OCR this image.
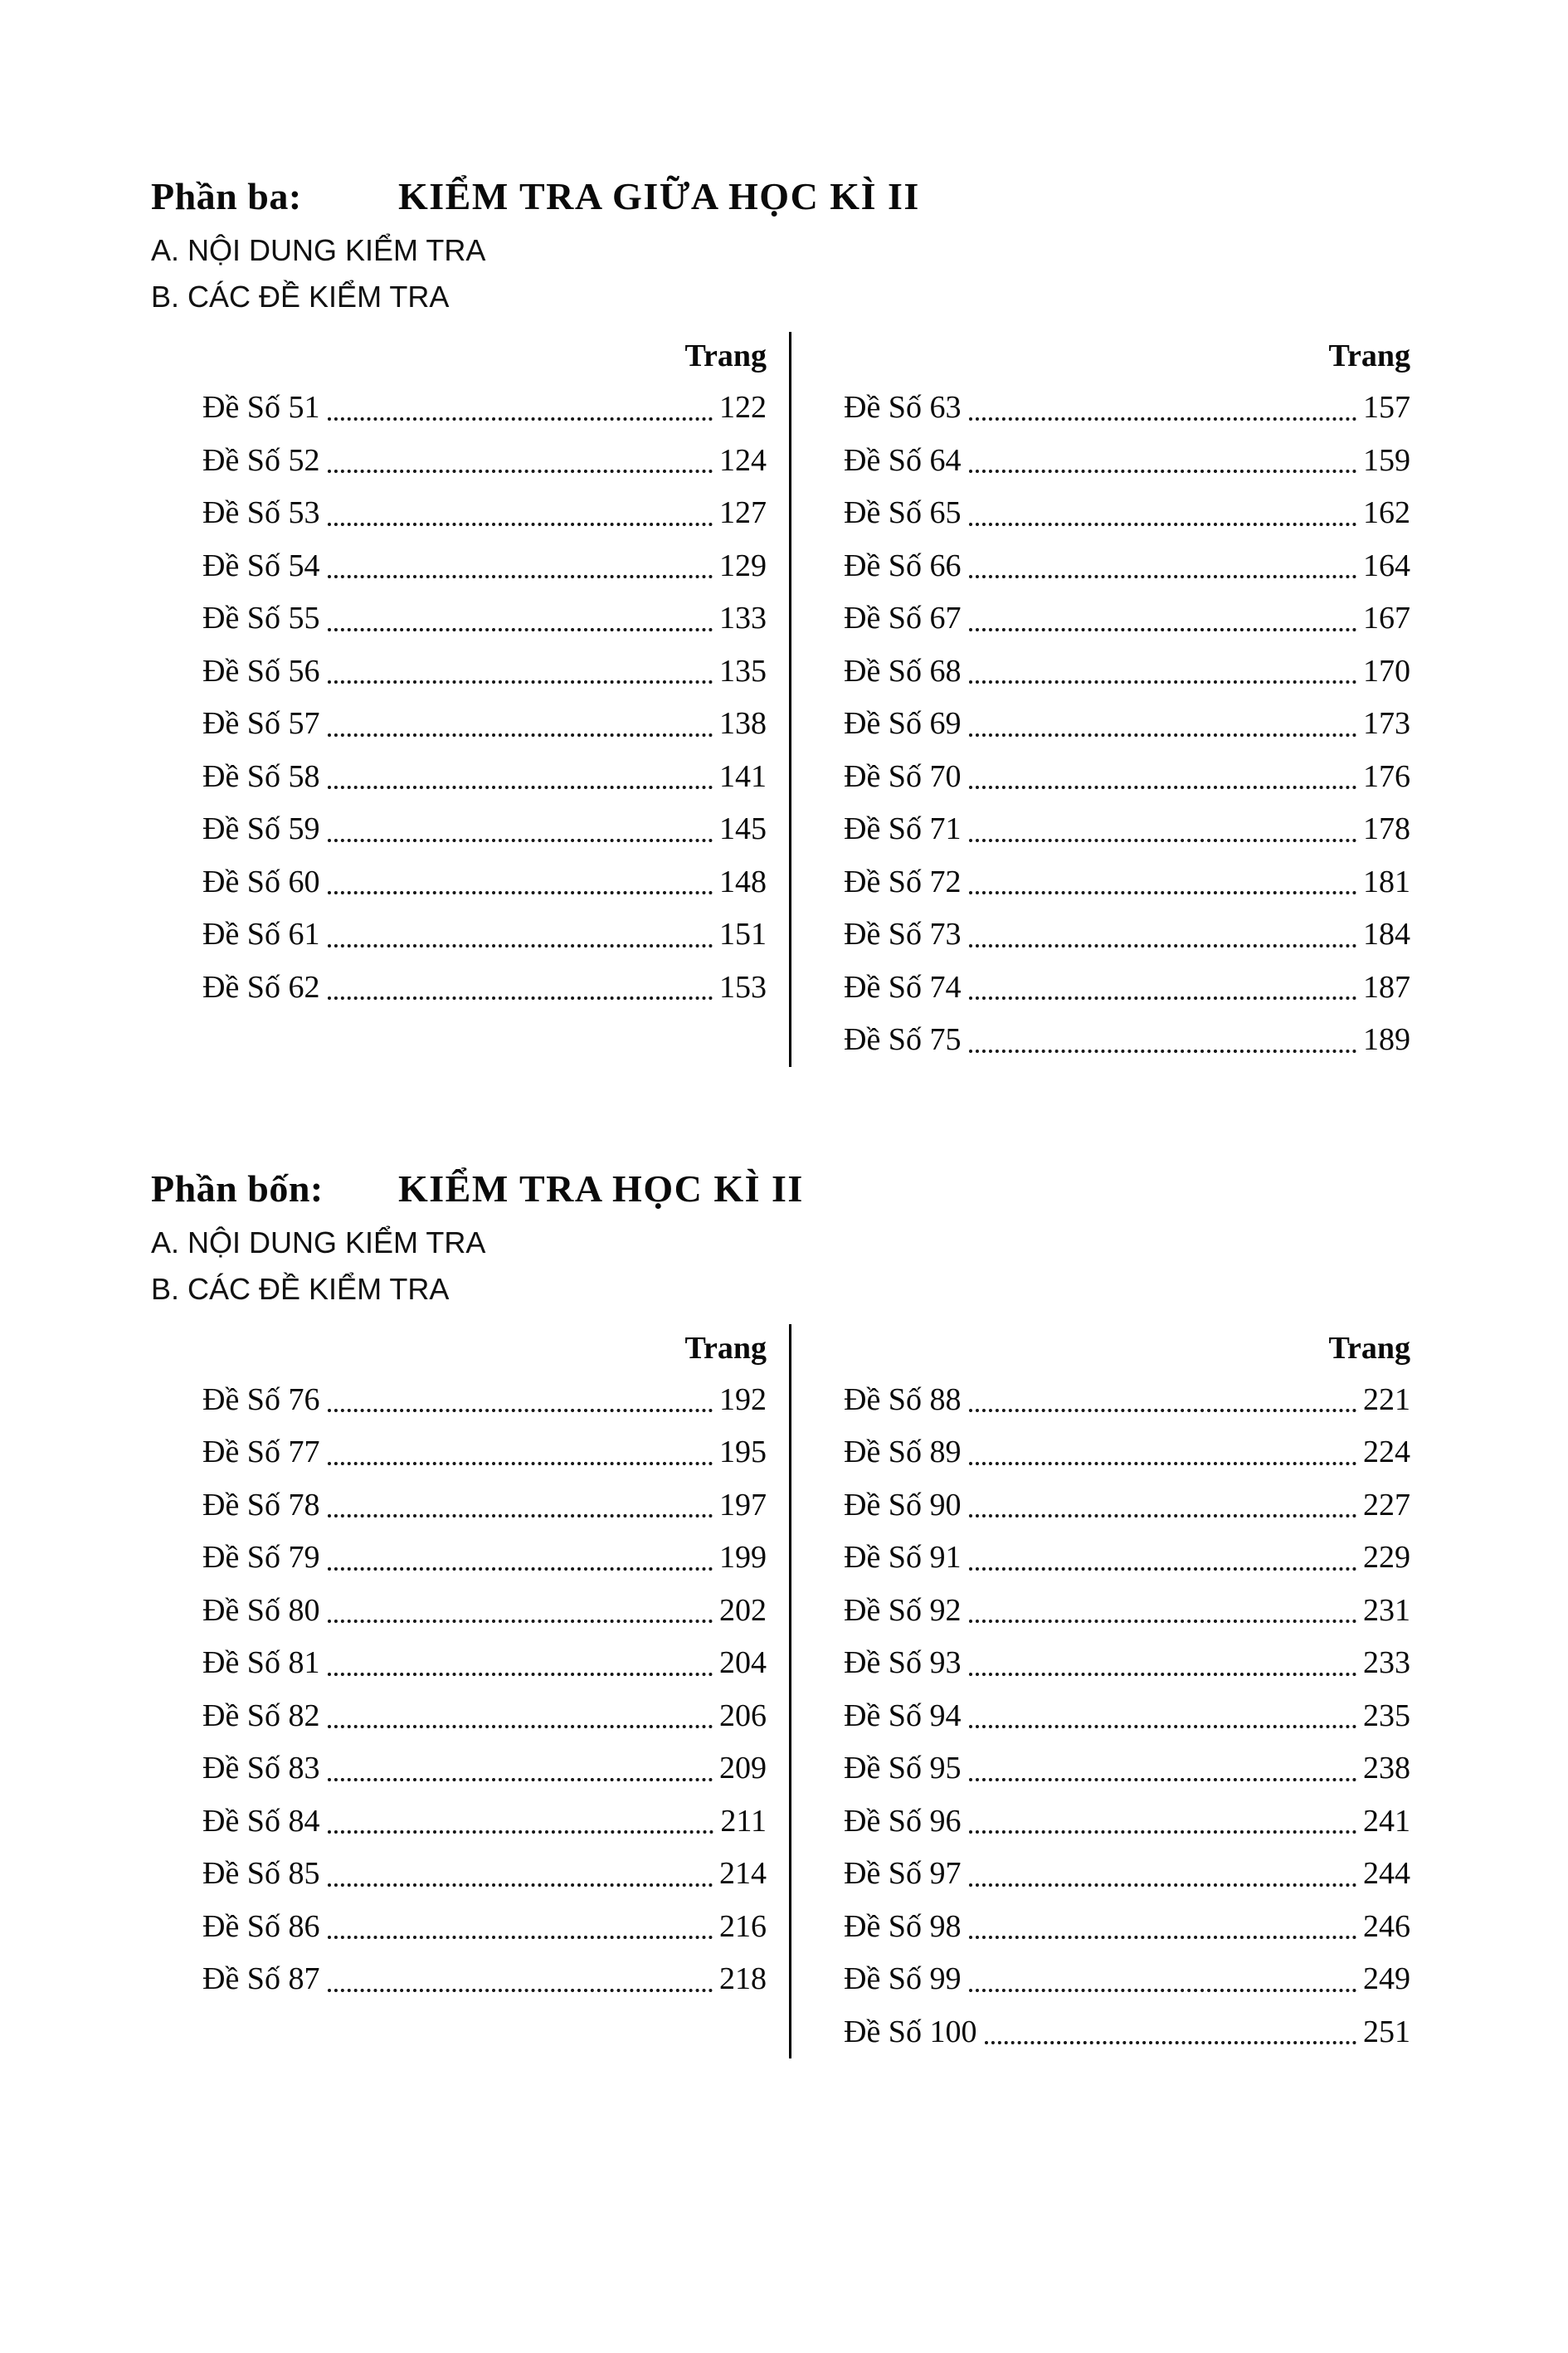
Phần ba:	KIỂM TRA GIỮA HỌC KÌ II
A. NỘI DUNG KIỂM TRA
B. CÁC ĐỀ KIỂM TRA
Trang
Đề Số 51	122
Đề Số 52	124
Đề Số 53	127
Đề Số 54	129
Đề Số 55	133
Đề Số 56	135
Đề Số 57	138
Đề Số 58	141
Đề Số 59	145
Đề Số 60	148
Đề Số 61	151
Đề Số 62	153
Trang
Đề Số 63	157
Đề Số 64	159
Đề Số 65	162
Đề Số 66	164
Đề Số 67	167
Đề Số 68	170
Đề Số 69	173
Đề Số 70	176
Đề Số 71	178
Đề Số 72	181
Đề Số 73	184
Đề Số 74	187
Đề Số 75	189
Phần bốn: KIỂM TRA HỌC KÌ II
A. NỘI DUNG KIỂM TRA
B. CÁC ĐỀ KIỂM TRA
Trang
Đề Số 76	192
Đề Số 77	195
Đề Số 78	197
Đề Số 79	199
Đề Số 80	202
Đề Số 81	204
Đề Số 82	206
Đề Số 83	209
Đề Số 84	211
Đề Số 85	214
Đề Số 86	216
Đề Số 87	218
Trang
Đề Số 88	221
Đề Số 89	224
Đề Số 90	227
Đề Số 91	229
Đề Số 92	231
Đề Số 93	233
Đề Số 94	235
Đề Số 95	238
Đề Số 96	241
Đề Số 97	244
Đề Số 98	246
Đề Số 99	249
Đề Số 100	251
